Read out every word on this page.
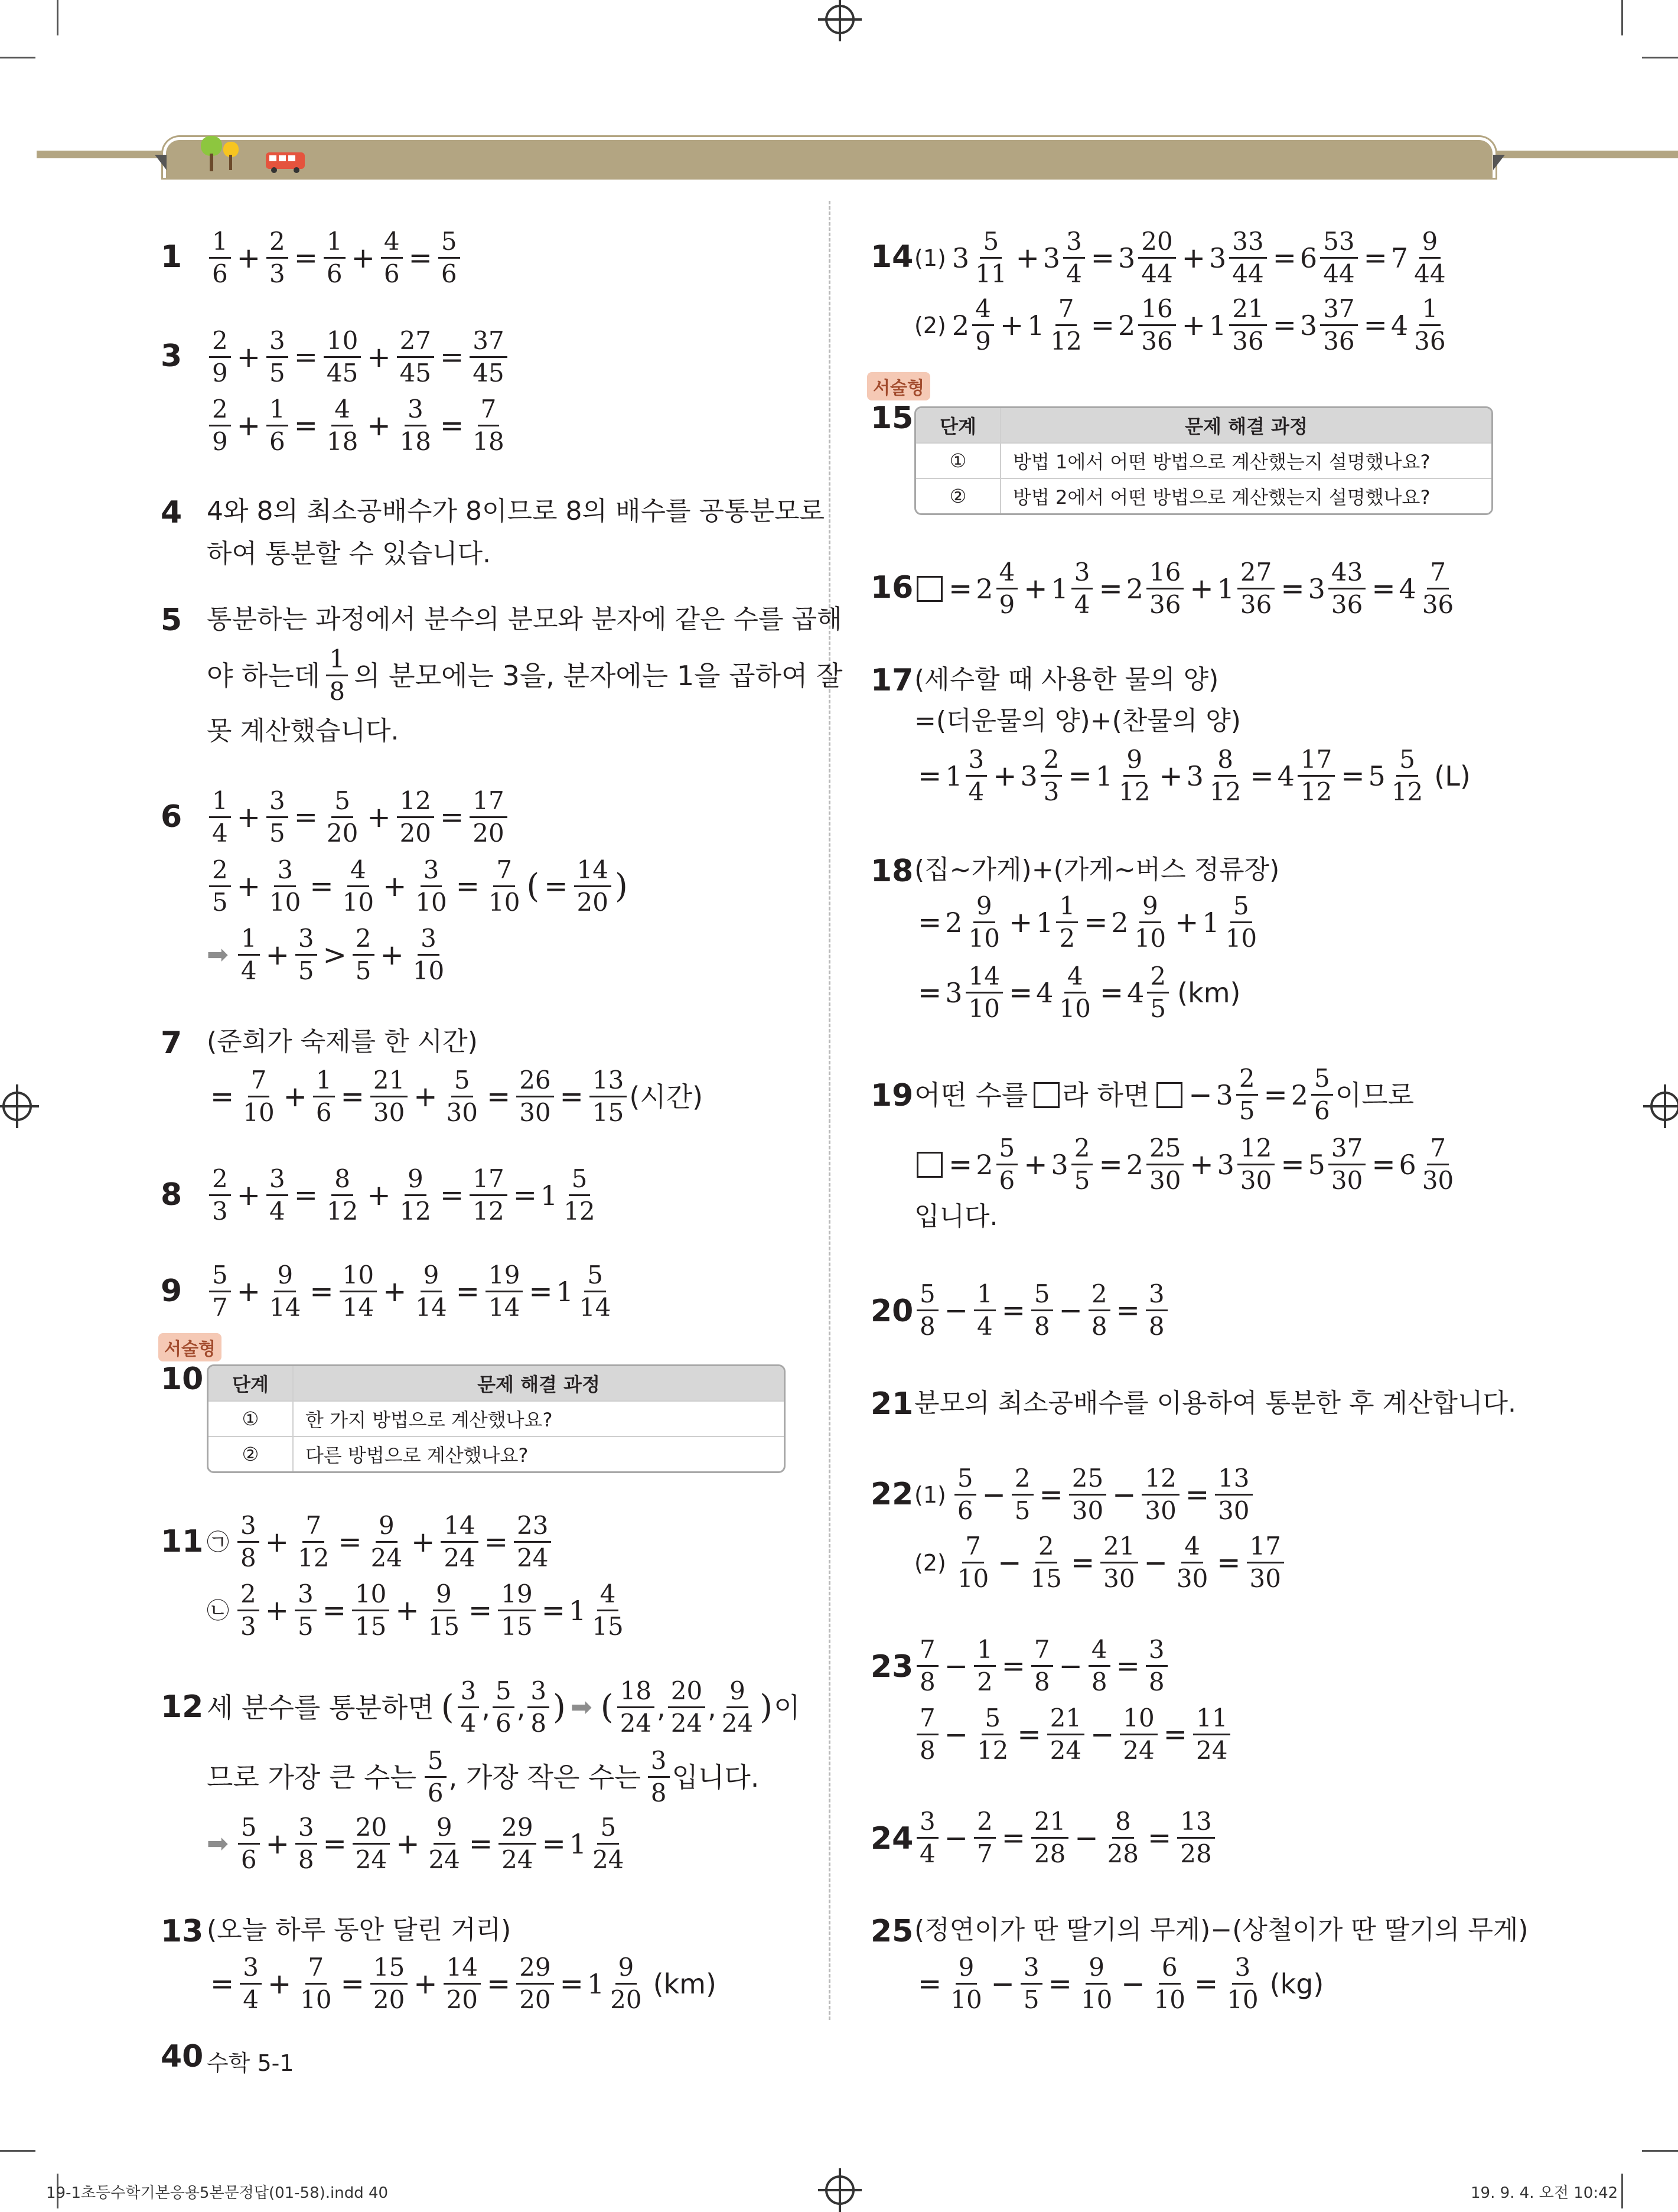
$1 \frac{1}{6} + \frac{2}{3} = \frac{1}{6} + \frac{4}{6} = \frac{5}{6}$
$3 \frac{2}{9} + \frac{3}{5} = \frac{10}{45} + \frac{27}{45} = \frac{37}{45}$
$\frac{2}{9} + \frac{1}{6} = \frac{4}{18} + \frac{3}{18} = \frac{7}{18}$
4 4와 8의 최소공배수가 8이므로 8의 배수를 공통분모로
하여 통분할 수 있습니다.
5 통분하는 과정에서 분수의 분모와 분자에 같은 수를 곱해
야 하는데 $\frac{1}{8}$ 의 분모에는 3을, 분자에는 1을 곱하여 잘
못 계산했습니다.
$6 \frac{1}{4} + \frac{3}{5} = \frac{5}{20} + \frac{12}{20} = \frac{17}{20}$
$\frac{2}{5} + \frac{3}{10} = \frac{4}{10} + \frac{3}{10} = \frac{7}{10}$ ( = $\frac{14}{20}$ )
➡ $\frac{1}{4} + \frac{3}{5} > \frac{2}{5} + \frac{3}{10}$
7 (준희가 숙제를 한 시간)
= $\frac{7}{10} + \frac{1}{6} = \frac{21}{30} + \frac{5}{30} = \frac{26}{30} = \frac{13}{15}$ (시간)
$8 \frac{2}{3} + \frac{3}{4} = \frac{8}{12} + \frac{9}{12} = \frac{17}{12} = 1 \frac{5}{12}$
$9 \frac{5}{7} + \frac{9}{14} = \frac{10}{14} + \frac{9}{14} = \frac{19}{14} = 1 \frac{5}{14}$
서술형
10 단계	문제 해결 과정
①	한 가지 방법으로 계산했나요?
②	다른 방법으로 계산했나요?
11 ㉠ $\frac{3}{8} + \frac{7}{12} = \frac{9}{24} + \frac{14}{24} = \frac{23}{24}$
㉡ $\frac{2}{3} + \frac{3}{5} = \frac{10}{15} + \frac{9}{15} = \frac{19}{15} = 1 \frac{4}{15}$
12 세 분수를 통분하면 ( $\frac{3}{4}$ , $\frac{5}{6}$ , $\frac{3}{8}$ ) ➡ ( $\frac{18}{24}$ , $\frac{20}{24}$ , $\frac{9}{24}$ ) 이
므로 가장 큰 수는 $\frac{5}{6}$ , 가장 작은 수는 $\frac{3}{8}$ 입니다.
➡ $\frac{5}{6} + \frac{3}{8} = \frac{20}{24} + \frac{9}{24} = \frac{29}{24} = 1 \frac{5}{24}$
13 (오늘 하루 동안 달린 거리)
= $\frac{3}{4} + \frac{7}{10} = \frac{15}{20} + \frac{14}{20} = \frac{29}{20} = 1 \frac{9}{20} (km)$
40 수학 5-1
14 (1) $3 \frac{5}{11} + 3 \frac{3}{4} = 3 \frac{20}{44} + 3 \frac{33}{44} = 6 \frac{53}{44} = 7 \frac{9}{44}$
(2) $2 \frac{4}{9} + 1 \frac{7}{12} = 2 \frac{16}{36} + 1 \frac{21}{36} = 3 \frac{37}{36} = 4 \frac{1}{36}$
서술형
15 단계	문제 해결 과정
①	방법 1에서 어떤 방법으로 계산했는지 설명했나요?
②	방법 2에서 어떤 방법으로 계산했는지 설명했나요?
$16 = 2 \frac{4}{9} + 1 \frac{3}{4} = 2 \frac{16}{36} + 1 \frac{27}{36} = 3 \frac{43}{36} = 4 \frac{7}{36}$
17 (세수할 때 사용한 물의 양)
=(더운물의 양)+(찬물의 양)
= $1 \frac{3}{4} + 3 \frac{2}{3} = 1 \frac{9}{12} + 3 \frac{8}{12} = 4 \frac{17}{12} = 5 \frac{5}{12} (L)$
18 (집~가게)+(가게~버스 정류장)
= $2 \frac{9}{10} + 1 \frac{1}{2} = 2 \frac{9}{10} + 1 \frac{5}{10}$
= $3 \frac{14}{10} = 4 \frac{4}{10} = 4 \frac{2}{5} (km)$
19 어떤 수를 라 하면 − $3 \frac{2}{5} = 2 \frac{5}{6}$ 이므로
= $2 \frac{5}{6} + 3 \frac{2}{5} = 2 \frac{25}{30} + 3 \frac{12}{30} = 5 \frac{37}{30} = 6 \frac{7}{30}$
입니다.
$20 \frac{5}{8} - \frac{1}{4} = \frac{5}{8} - \frac{2}{8} = \frac{3}{8}$
21 분모의 최소공배수를 이용하여 통분한 후 계산합니다.
22 $(1) \frac{5}{6} - \frac{2}{5} = \frac{25}{30} - \frac{12}{30} = \frac{13}{30}$
$(2) \frac{7}{10} - \frac{2}{15} = \frac{21}{30} - \frac{4}{30} = \frac{17}{30}$
$23 \frac{7}{8} - \frac{1}{2} = \frac{7}{8} - \frac{4}{8} = \frac{3}{8}$
$\frac{7}{8} - \frac{5}{12} = \frac{21}{24} - \frac{10}{24} = \frac{11}{24}$
$24 \frac{3}{4} - \frac{2}{7} = \frac{21}{28} - \frac{8}{28} = \frac{13}{28}$
25 (정연이가 딴 딸기의 무게)−(상철이가 딴 딸기의 무게)
= $\frac{9}{10} - \frac{3}{5} = \frac{9}{10} - \frac{6}{10} = \frac{3}{10} (kg)$
19-1초등수학기본응용5본문정답(01-58).indd 40	19. 9. 4. 오전 10:42
